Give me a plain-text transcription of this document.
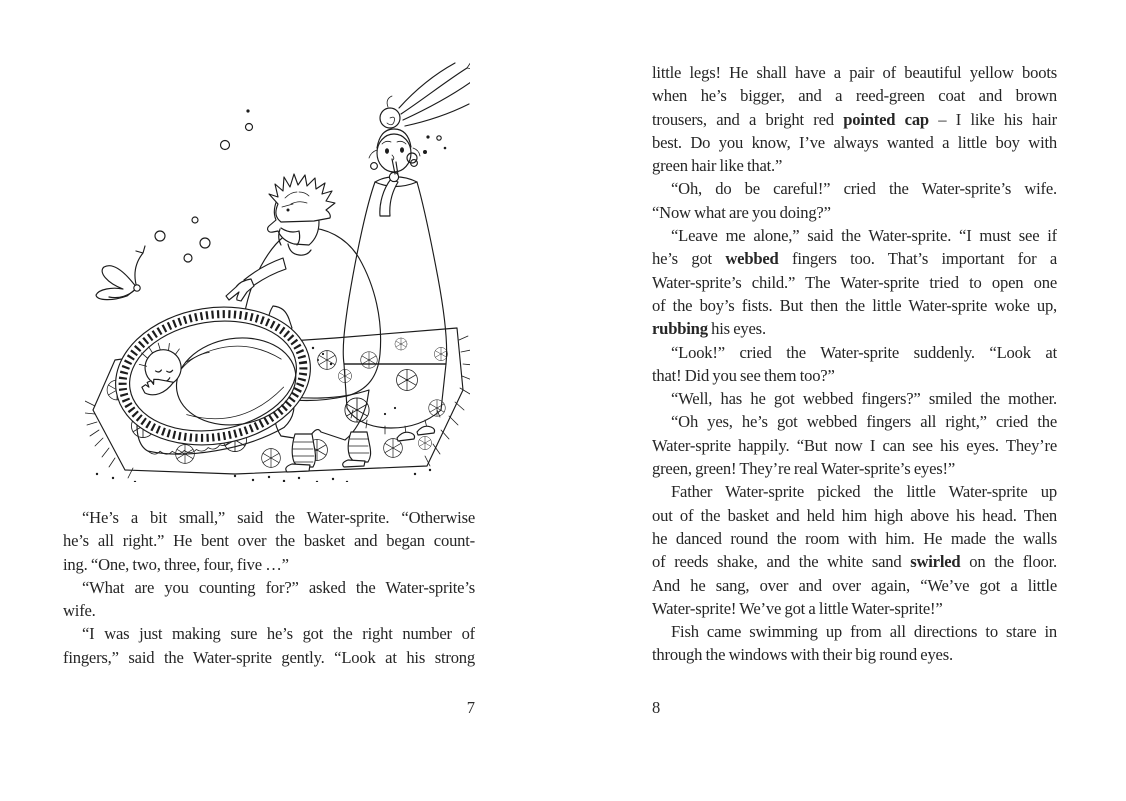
“He’s a bit small,” said the Water-sprite. “Otherwise
he’s all right.” He bent over the basket and began count-
ing. “One, two, three, four, five …”
“What are you counting for?” asked the Water-sprite’s
wife.
“I was just making sure he’s got the right number of
fingers,” said the Water-sprite gently. “Look at his strong
7
little legs! He shall have a pair of beautiful yellow boots
when he’s bigger, and a reed-green coat and brown
trousers, and a bright red pointed cap – I like his hair
best. Do you know, I’ve always wanted a little boy with
green hair like that.”
“Oh, do be careful!” cried the Water-sprite’s wife.
“Now what are you doing?”
“Leave me alone,” said the Water-sprite. “I must see if
he’s got webbed fingers too. That’s important for a
Water-sprite’s child.” The Water-sprite tried to open one
of the boy’s fists. But then the little Water-sprite woke up,
rubbing his eyes.
“Look!” cried the Water-sprite suddenly. “Look at
that! Did you see them too?”
“Well, has he got webbed fingers?” smiled the mother.
“Oh yes, he’s got webbed fingers all right,” cried the
Water-sprite happily. “But now I can see his eyes. They’re
green, green! They’re real Water-sprite’s eyes!”
Father Water-sprite picked the little Water-sprite up
out of the basket and held him high above his head. Then
he danced round the room with him. He made the walls
of reeds shake, and the white sand swirled on the floor.
And he sang, over and over again, “We’ve got a little
Water-sprite! We’ve got a little Water-sprite!”
Fish came swimming up from all directions to stare in
through the windows with their big round eyes.
8
